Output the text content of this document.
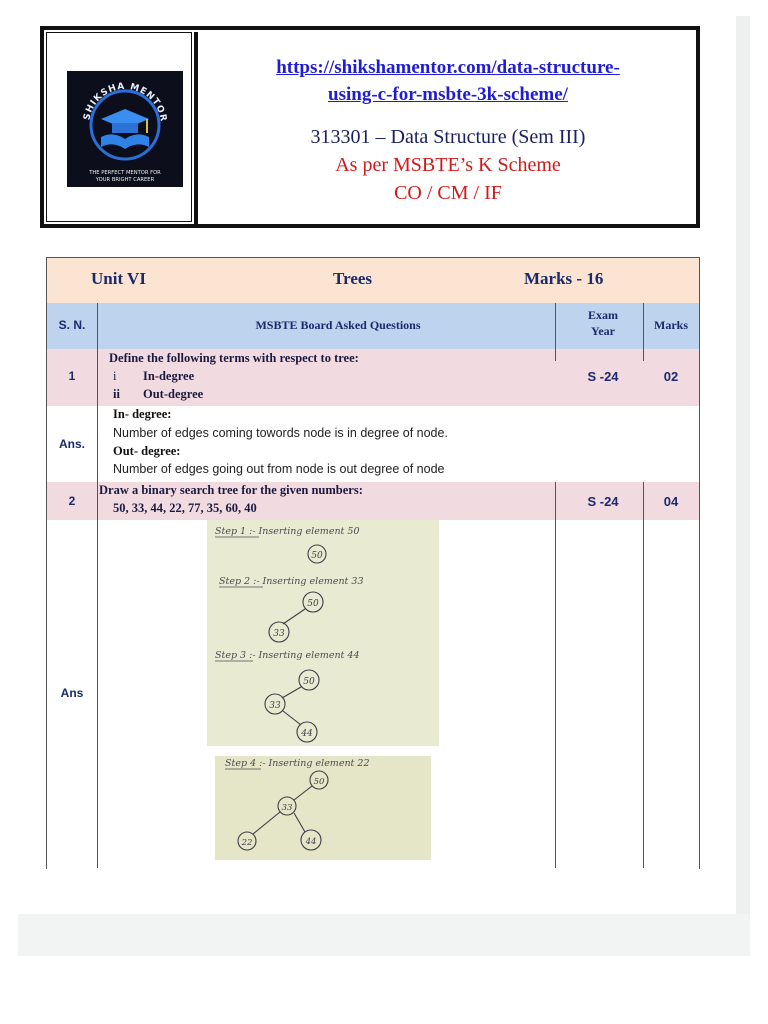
SHIKSHA MENTOR
THE PERFECT MENTOR FOR
YOUR BRIGHT CAREER
https://shikshamentor.com/data-structure-
using-c-for-msbte-3k-scheme/
313301 – Data Structure (Sem III)
As per MSBTE’s K Scheme
CO / CM / IF
Unit VI	Trees	Marks - 16
S. N.	MSBTE Board Asked Questions
Exam
Year	Marks
1
Define the following terms with respect to tree:
i In-degree
ii Out-degree
S -24	02
Ans.
In- degree:
Number of edges coming towords node is in degree of node.
Out- degree:
Number of edges going out from node is out degree of node
2
Draw a binary search tree for the given numbers:
50, 33, 44, 22, 77, 35, 60, 40	S -24	04
Ans
Step 1 :- Inserting element 50
50
Step 2 :- Inserting element 33
50
33
Step 3 :- Inserting element 44
50
33
44
Step 4 :- Inserting element 22
50
33
22	44
